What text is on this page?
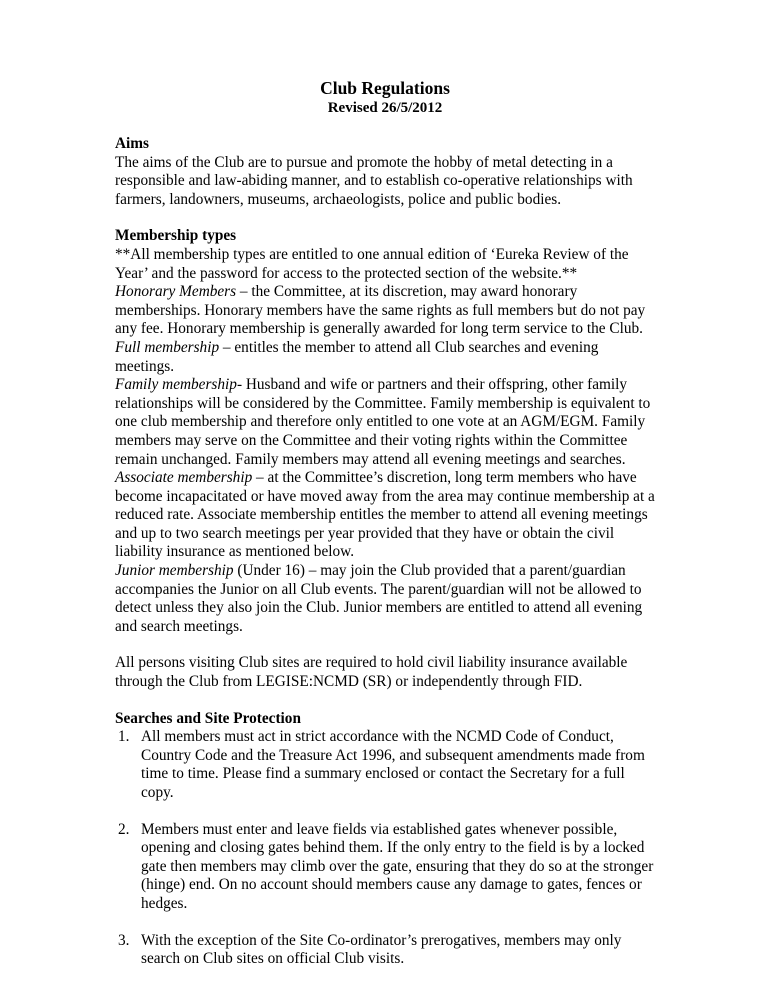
Club Regulations

Revised 26/5/2012

Aims

The aims of the Club are to pursue and promote the hobby of metal detecting in a responsible and law-abiding manner, and to establish co-operative relationships with farmers, landowners, museums, archaeologists, police and public bodies.

Membership types

**All membership types are entitled to one annual edition of ‘Eureka Review of the Year’ and the password for access to the protected section of the website.**

Honorary Members – the Committee, at its discretion, may award honorary memberships. Honorary members have the same rights as full members but do not pay any fee. Honorary membership is generally awarded for long term service to the Club.

Full membership – entitles the member to attend all Club searches and evening meetings.

Family membership- Husband and wife or partners and their offspring, other family relationships will be considered by the Committee. Family membership is equivalent to one club membership and therefore only entitled to one vote at an AGM/EGM. Family members may serve on the Committee and their voting rights within the Committee remain unchanged. Family members may attend all evening meetings and searches.

Associate membership – at the Committee’s discretion, long term members who have become incapacitated or have moved away from the area may continue membership at a reduced rate. Associate membership entitles the member to attend all evening meetings and up to two search meetings per year provided that they have or obtain the civil liability insurance as mentioned below.

Junior membership (Under 16) – may join the Club provided that a parent/guardian accompanies the Junior on all Club events. The parent/guardian will not be allowed to detect unless they also join the Club. Junior members are entitled to attend all evening and search meetings.

All persons visiting Club sites are required to hold civil liability insurance available through the Club from LEGISE:NCMD (SR) or independently through FID.

Searches and Site Protection

1. All members must act in strict accordance with the NCMD Code of Conduct, Country Code and the Treasure Act 1996, and subsequent amendments made from time to time. Please find a summary enclosed or contact the Secretary for a full copy.
2. Members must enter and leave fields via established gates whenever possible, opening and closing gates behind them. If the only entry to the field is by a locked gate then members may climb over the gate, ensuring that they do so at the stronger (hinge) end. On no account should members cause any damage to gates, fences or hedges.
3. With the exception of the Site Co-ordinator’s prerogatives, members may only search on Club sites on official Club visits.
